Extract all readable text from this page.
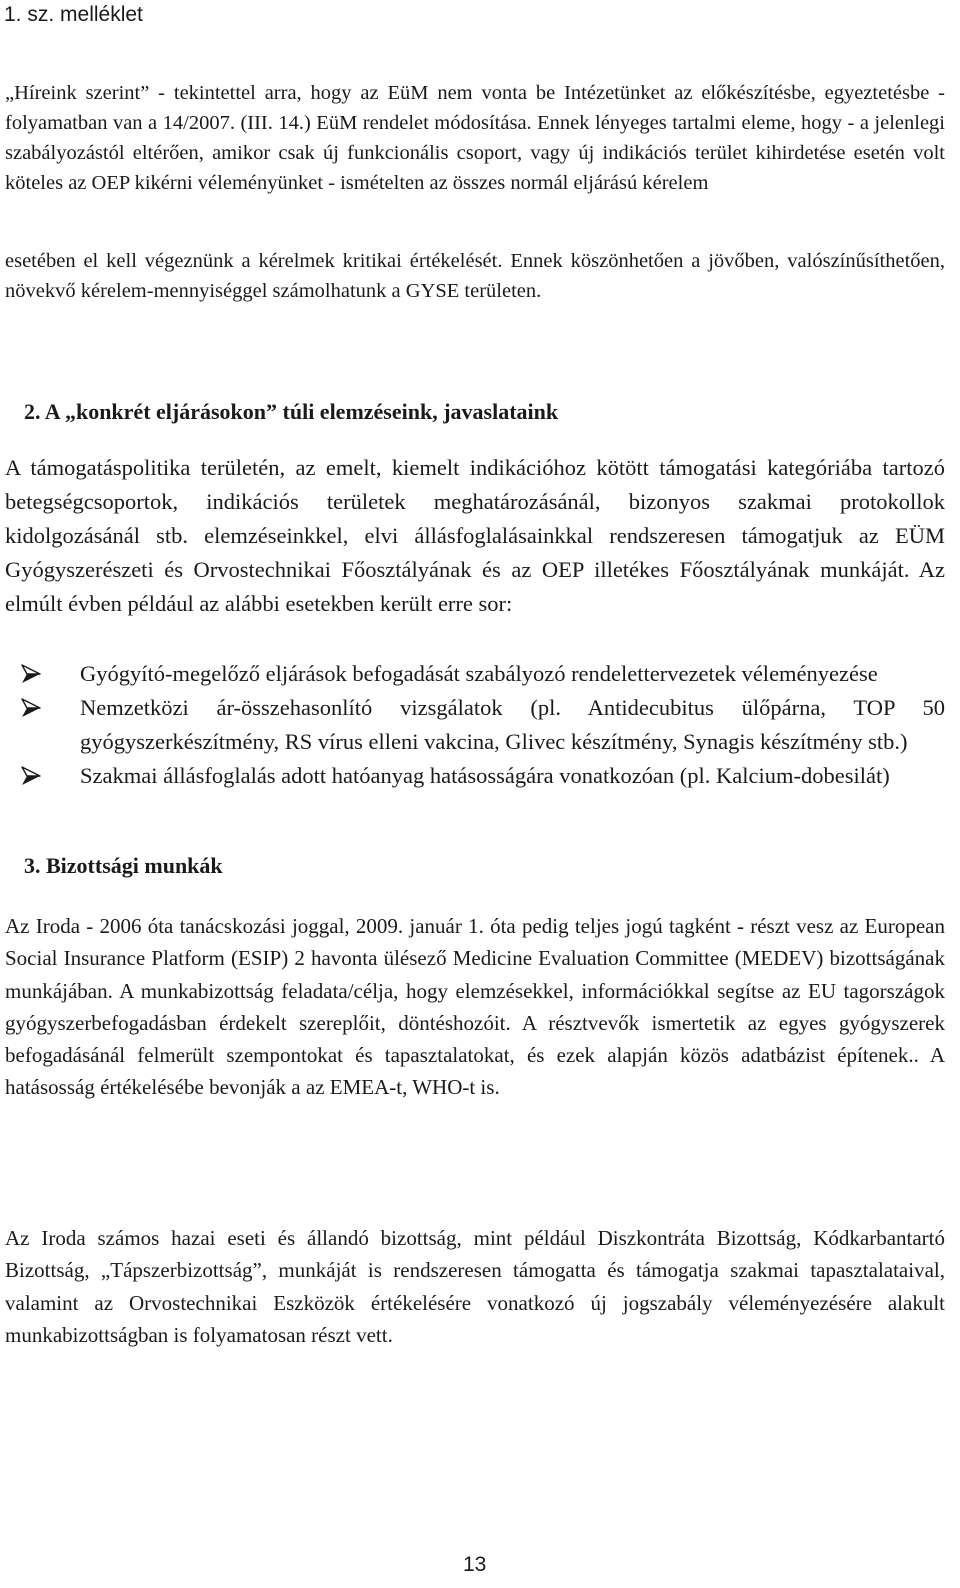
1. sz. melléklet
„Híreink szerint” - tekintettel arra, hogy az EüM nem vonta be Intézetünket az előkészítésbe, egyeztetésbe - folyamatban van a 14/2007. (III. 14.) EüM rendelet módosítása. Ennek lényeges tartalmi eleme, hogy - a jelenlegi szabályozástól eltérően, amikor csak új funkcionális csoport, vagy új indikációs terület kihirdetése esetén volt köteles az OEP kikérni véleményünket - ismételten az összes normál eljárású kérelem
esetében el kell végeznünk a kérelmek kritikai értékelését. Ennek köszönhetően a jövőben, valószínűsíthetően, növekvő kérelem-mennyiséggel számolhatunk a GYSE területen.
2. A „konkrét eljárásokon” túli elemzéseink, javaslataink
A támogatáspolitika területén, az emelt, kiemelt indikációhoz kötött támogatási kategóriába tartozó betegségcsoportok, indikációs területek meghatározásánál, bizonyos szakmai protokollok kidolgozásánál stb. elemzéseinkkel, elvi állásfoglalásainkkal rendszeresen támogatjuk az EÜM Gyógyszerészeti és Orvostechnikai Főosztályának és az OEP illetékes Főosztályának munkáját. Az elmúlt évben például az alábbi esetekben került erre sor:
Gyógyító-megelőző eljárások befogadását szabályozó rendelettervezetek véleményezése
Nemzetközi ár-összehasonlító vizsgálatok (pl. Antidecubitus ülőpárna, TOP 50 gyógyszerkészítmény, RS vírus elleni vakcina, Glivec készítmény, Synagis készítmény stb.)
Szakmai állásfoglalás adott hatóanyag hatásosságára vonatkozóan (pl. Kalcium-dobesilát)
3. Bizottsági munkák
Az Iroda - 2006 óta tanácskozási joggal, 2009. január 1. óta pedig teljes jogú tagként - részt vesz az European Social Insurance Platform (ESIP) 2 havonta ülésező Medicine Evaluation Committee (MEDEV) bizottságának munkájában. A munkabizottság feladata/célja, hogy elemzésekkel, információkkal segítse az EU tagországok gyógyszerbefogadásban érdekelt szereplőit, döntéshozóit. A résztvevők ismertetik az egyes gyógyszerek befogadásánál felmerült szempontokat és tapasztalatokat, és ezek alapján közös adatbázist építenek.. A hatásosság értékelésébe bevonják a az EMEA-t, WHO-t is.
Az Iroda számos hazai eseti és állandó bizottság, mint például Diszkontráta Bizottság, Kódkarbantartó Bizottság, „Tápszerbizottság”, munkáját is rendszeresen támogatta és támogatja szakmai tapasztalataival, valamint az Orvostechnikai Eszközök értékelésére vonatkozó új jogszabály véleményezésére alakult munkabizottságban is folyamatosan részt vett.
13
